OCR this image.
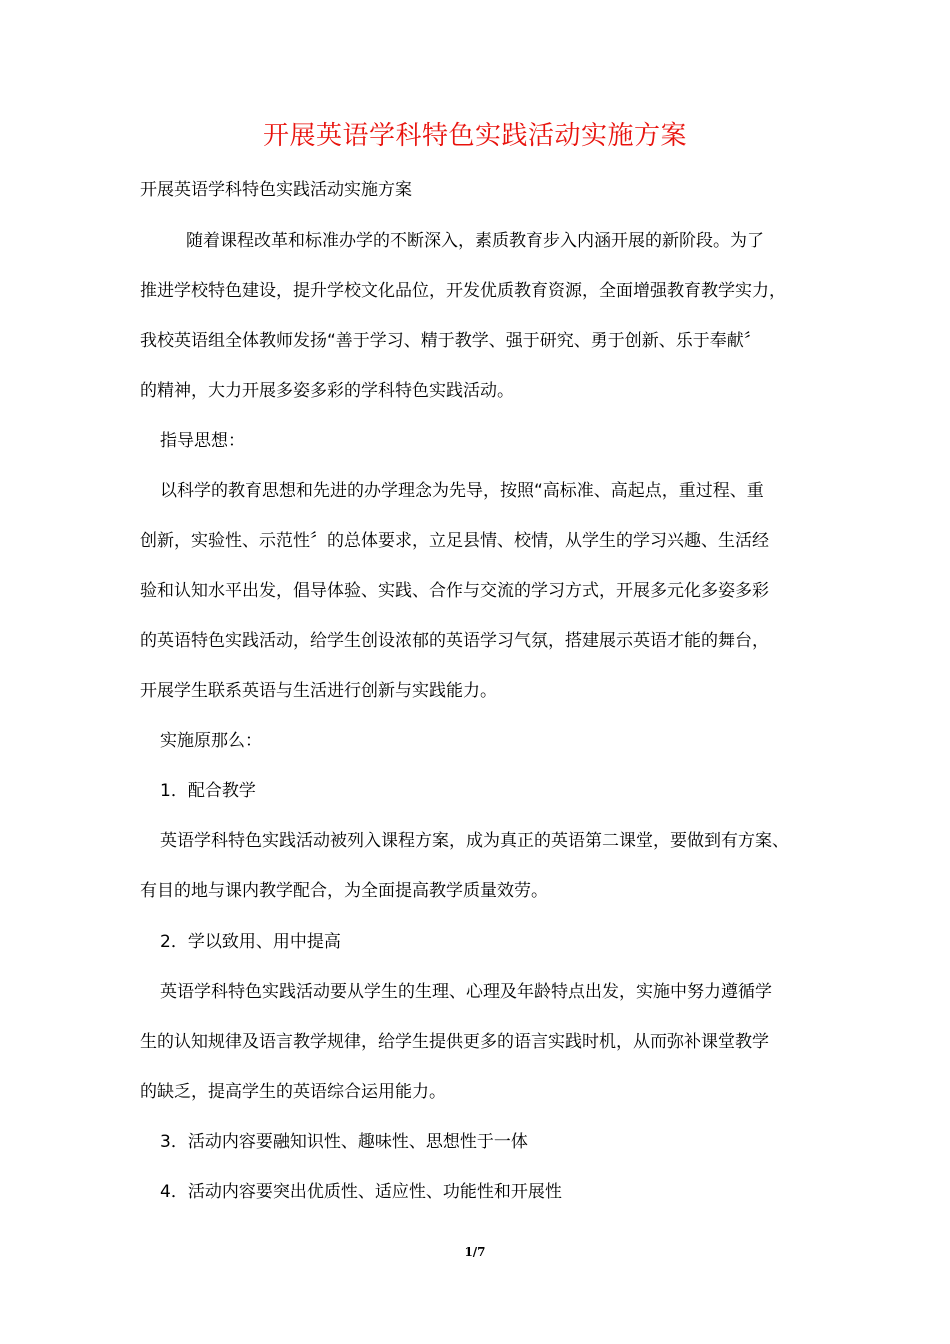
开展英语学科特色实践活动实施方案
开展英语学科特色实践活动实施方案
随着课程改革和标准办学的不断深入，素质教育步入内涵开展的新阶段。为了
推进学校特色建设，提升学校文化品位，开发优质教育资源，全面增强教育教学实力，
我校英语组全体教师发扬“善于学习、精于教学、强于研究、勇于创新、乐于奉献〞
的精神，大力开展多姿多彩的学科特色实践活动。
指导思想：
以科学的教育思想和先进的办学理念为先导，按照“高标准、高起点，重过程、重
创新，实验性、示范性〞的总体要求，立足县情、校情，从学生的学习兴趣、生活经
验和认知水平出发，倡导体验、实践、合作与交流的学习方式，开展多元化多姿多彩
的英语特色实践活动，给学生创设浓郁的英语学习气氛，搭建展示英语才能的舞台，
开展学生联系英语与生活进行创新与实践能力。
实施原那么：
1．配合教学
英语学科特色实践活动被列入课程方案，成为真正的英语第二课堂，要做到有方案、
有目的地与课内教学配合，为全面提高教学质量效劳。
2．学以致用、用中提高
英语学科特色实践活动要从学生的生理、心理及年龄特点出发，实施中努力遵循学
生的认知规律及语言教学规律，给学生提供更多的语言实践时机，从而弥补课堂教学
的缺乏，提高学生的英语综合运用能力。
3．活动内容要融知识性、趣味性、思想性于一体
4．活动内容要突出优质性、适应性、功能性和开展性
1/7
